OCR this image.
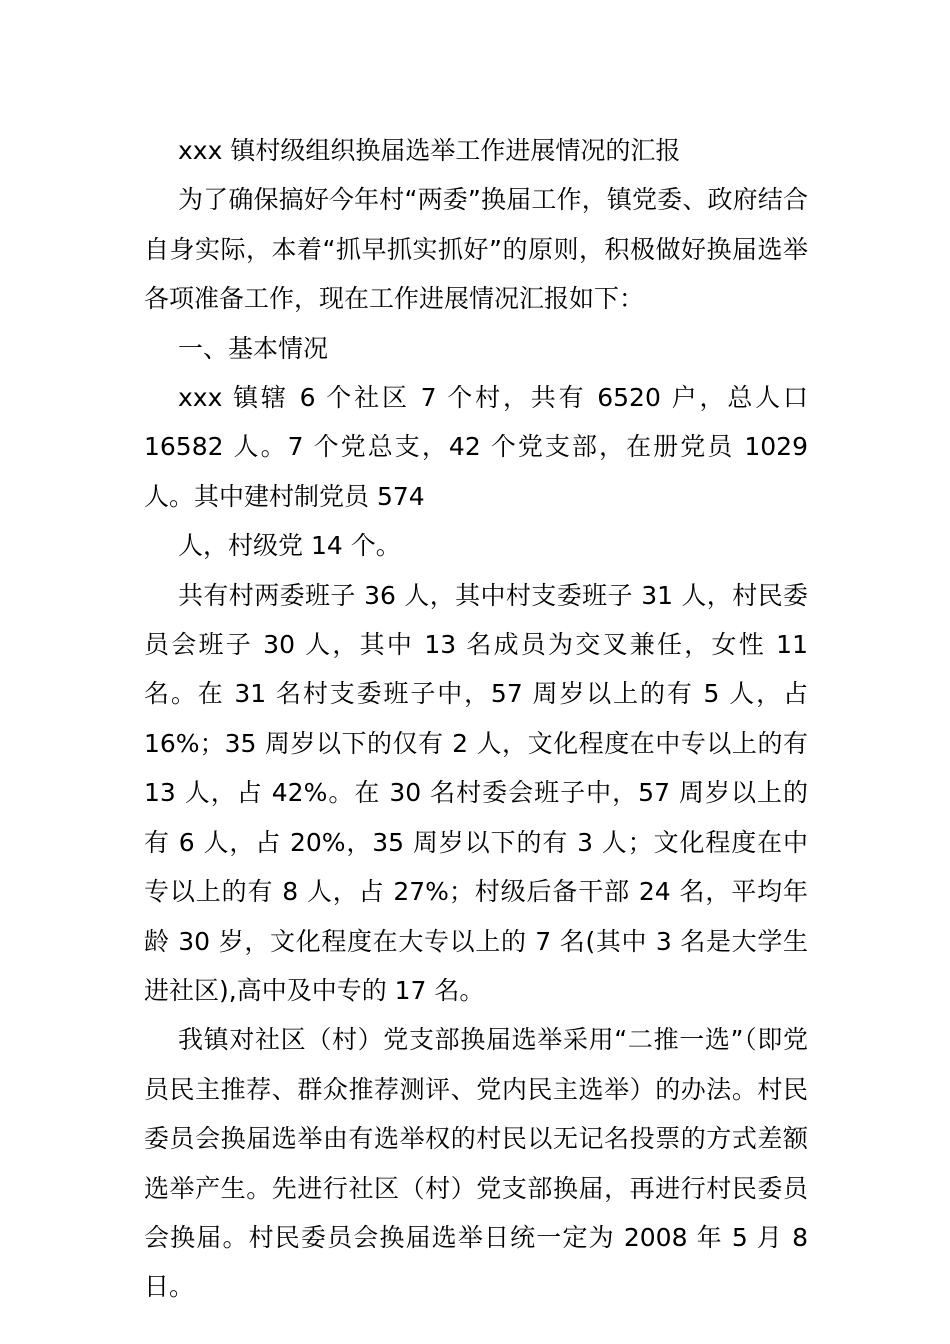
xxx 镇村级组织换届选举工作进展情况的汇报

为了确保搞好今年村“两委”换届工作，镇党委、政府结合自身实际，本着“抓早抓实抓好”的原则，积极做好换届选举各项准备工作，现在工作进展情况汇报如下：

一、基本情况

xxx 镇辖 6 个社区 7 个村，共有 6520 户，总人口 16582 人。7 个党总支，42 个党支部，在册党员 1029 人。其中建村制党员 574

人，村级党 14 个。

共有村两委班子 36 人，其中村支委班子 31 人，村民委员会班子 30 人，其中 13 名成员为交叉兼任，女性 11 名。在 31 名村支委班子中，57 周岁以上的有 5 人，占 16%；35 周岁以下的仅有 2 人，文化程度在中专以上的有 13 人，占 42%。在 30 名村委会班子中，57 周岁以上的有 6 人，占 20%，35 周岁以下的有 3 人；文化程度在中专以上的有 8 人，占 27%；村级后备干部 24 名，平均年龄 30 岁，文化程度在大专以上的 7 名(其中 3 名是大学生进社区),高中及中专的 17 名。

我镇对社区（村）党支部换届选举采用“二推一选”（即党员民主推荐、群众推荐测评、党内民主选举）的办法。村民委员会换届选举由有选举权的村民以无记名投票的方式差额选举产生。先进行社区（村）党支部换届，再进行村民委员会换届。村民委员会换届选举日统一定为 2008 年 5 月 8 日。
